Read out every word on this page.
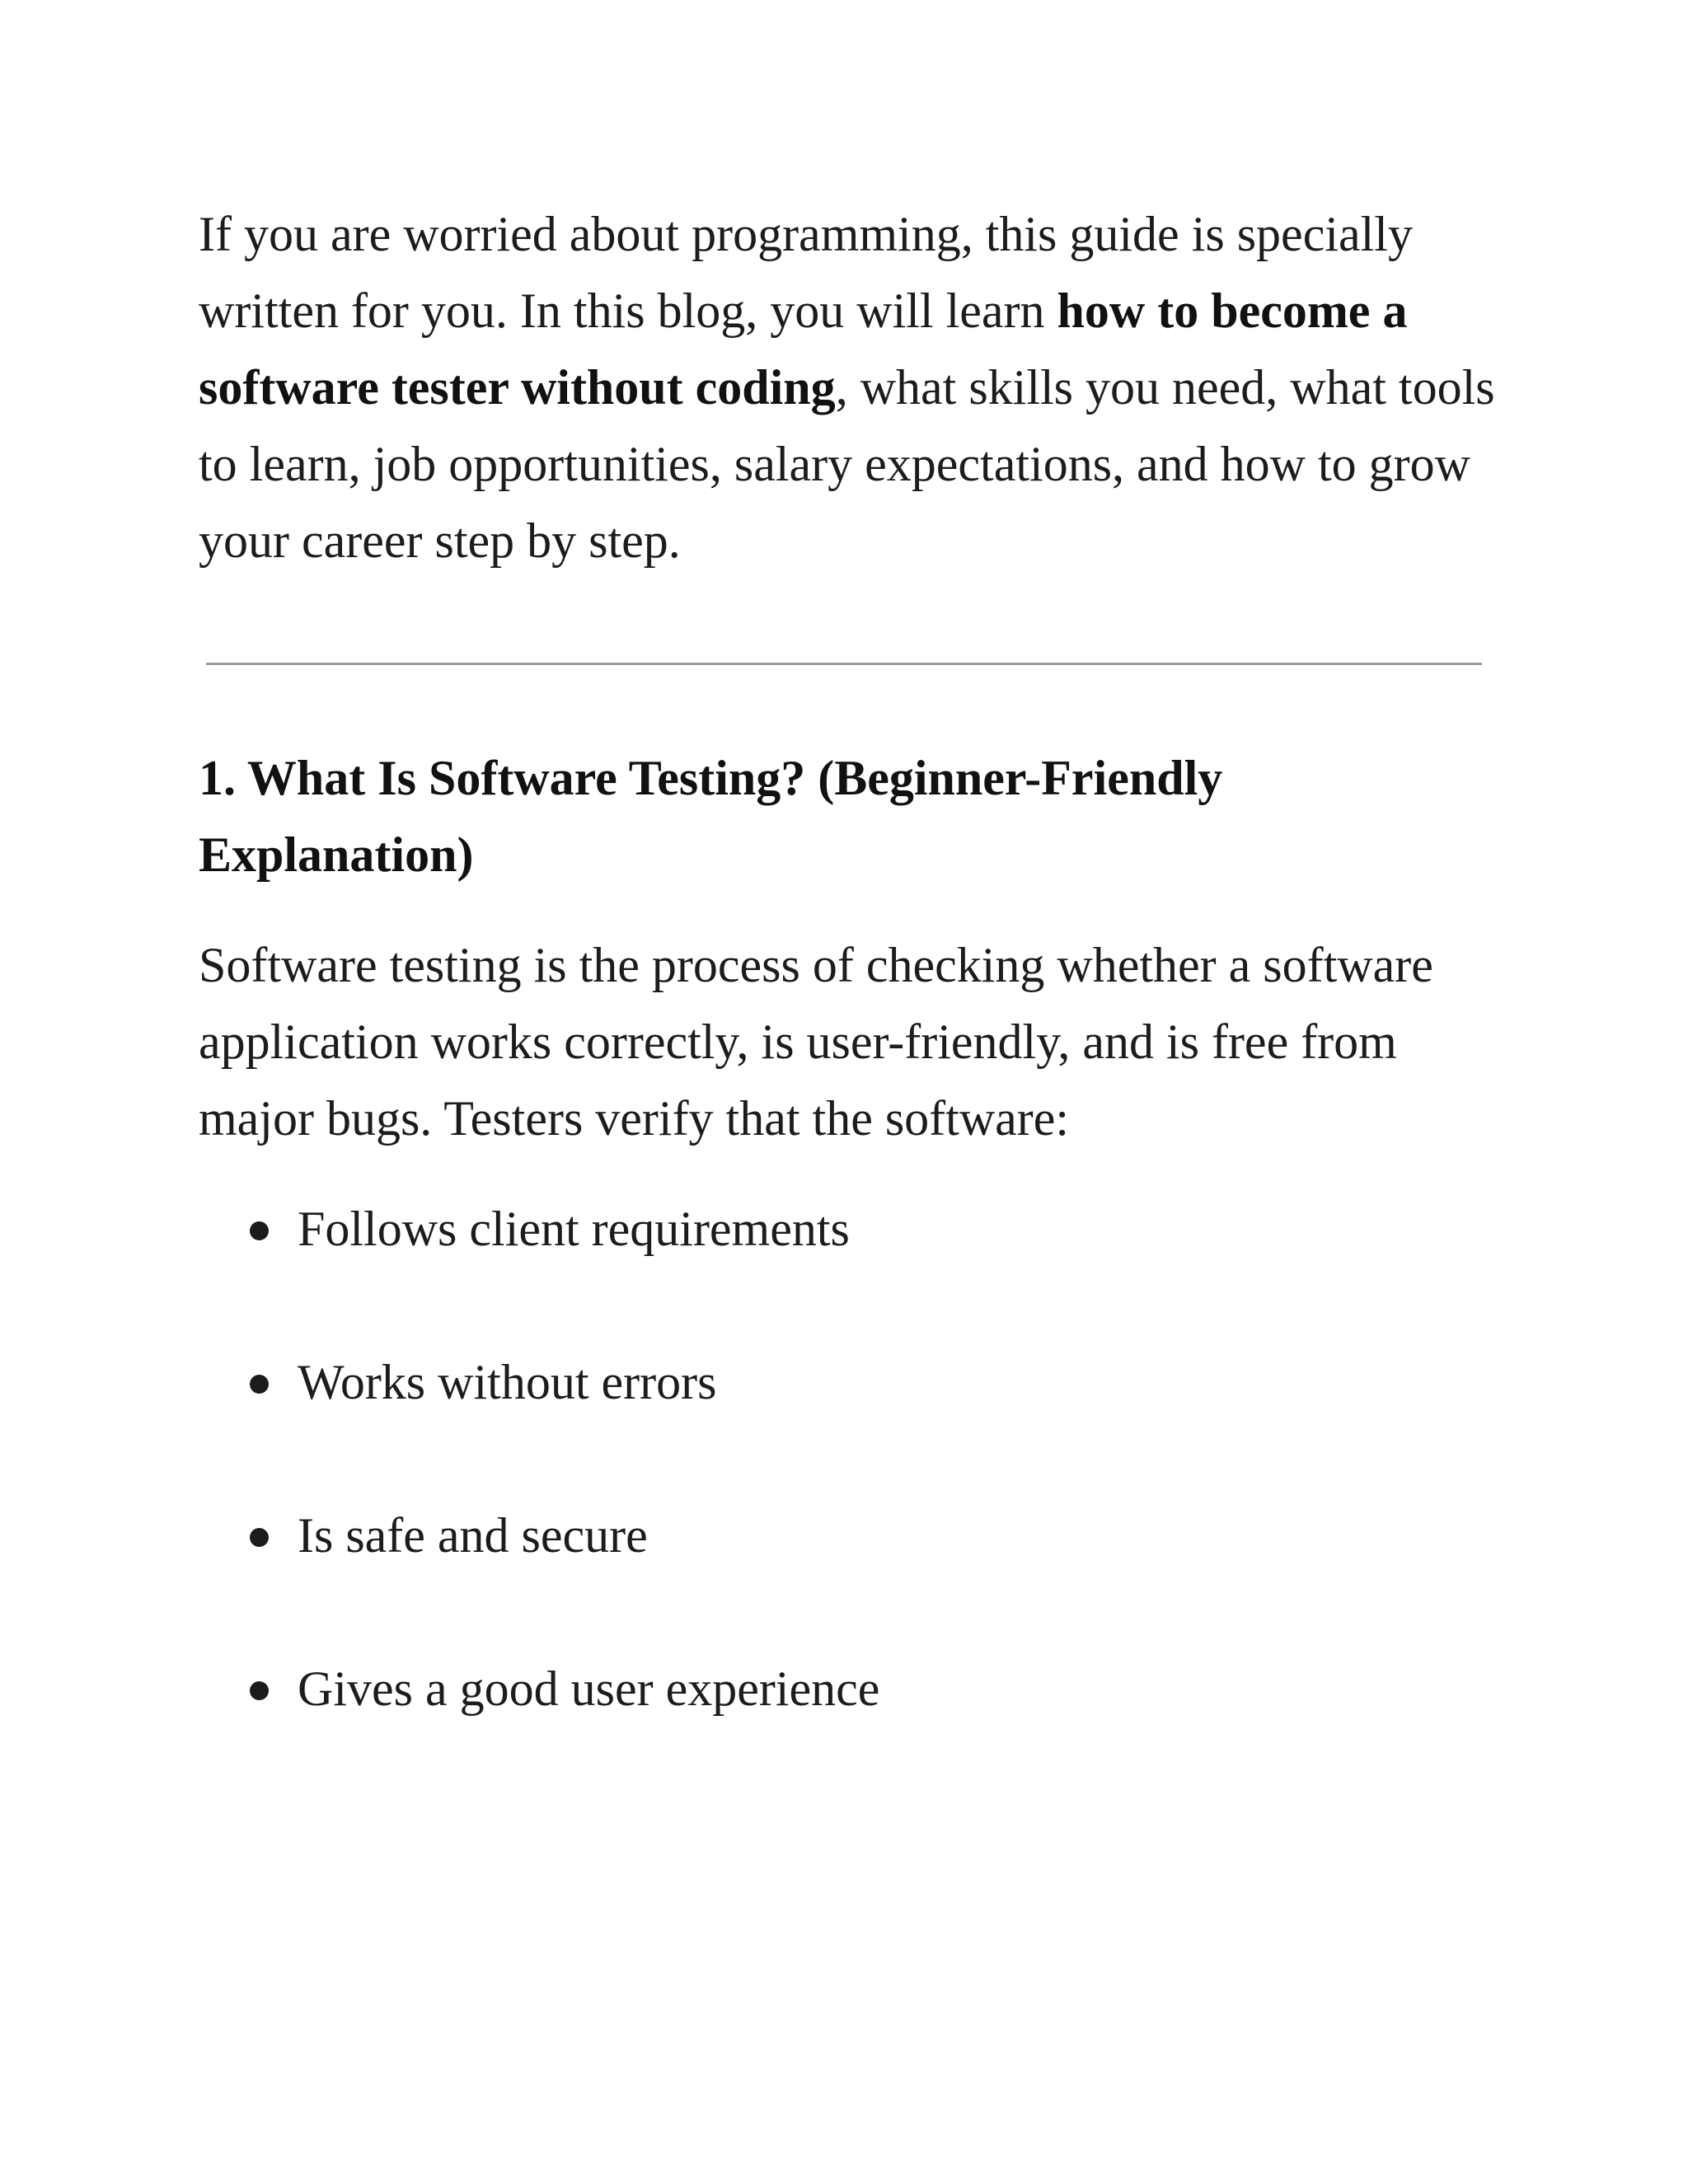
If you are worried about programming, this guide is specially written for you. In this blog, you will learn how to become a software tester without coding, what skills you need, what tools to learn, job opportunities, salary expectations, and how to grow your career step by step.

1. What Is Software Testing? (Beginner-Friendly Explanation)

Software testing is the process of checking whether a software application works correctly, is user-friendly, and is free from major bugs. Testers verify that the software:

Follows client requirements
Works without errors
Is safe and secure
Gives a good user experience
